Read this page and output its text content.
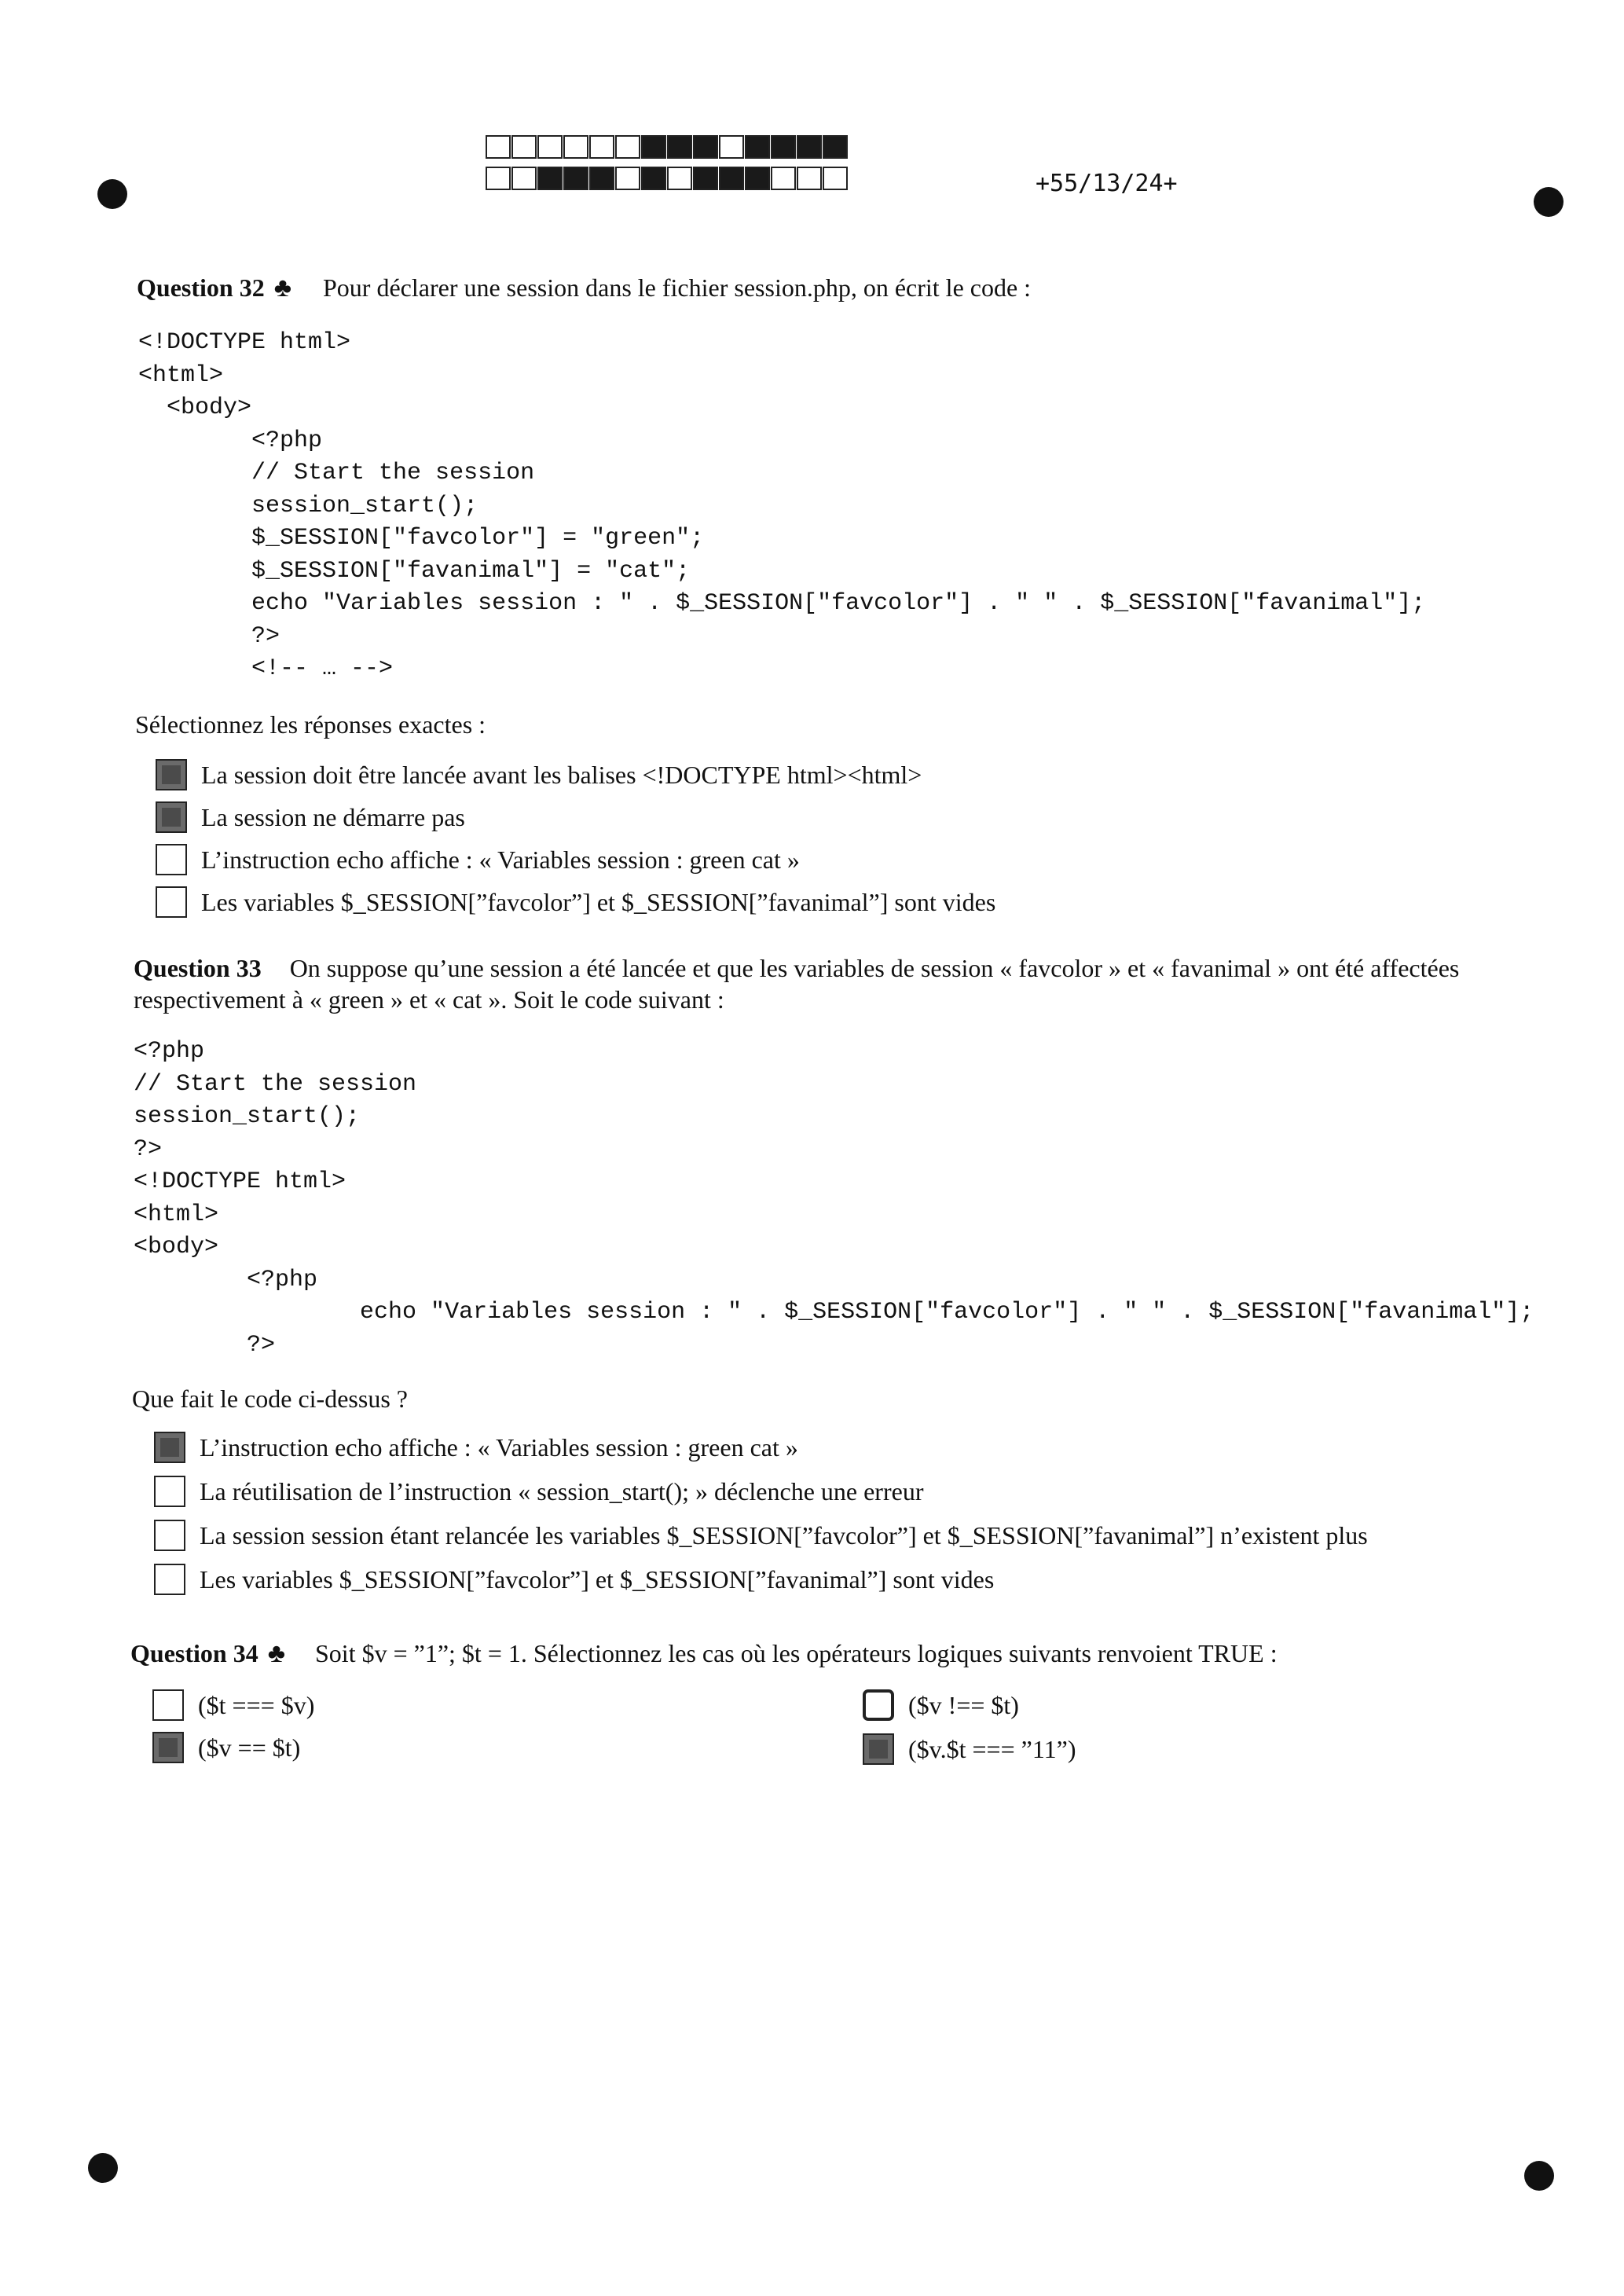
+55/13/24+
Question 32 ♣ Pour déclarer une session dans le fichier session.php, on écrit le code :
<!DOCTYPE html>
<html>
<body>
<?php
// Start the session
session_start();
$_SESSION["favcolor"] = "green";
$_SESSION["favanimal"] = "cat";
echo "Variables session : " . $_SESSION["favcolor"] . " " . $_SESSION["favanimal"];
?>
<!-- … -->
Sélectionnez les réponses exactes :
La session doit être lancée avant les balises <!DOCTYPE html><html>
La session ne démarre pas
L’instruction echo affiche : « Variables session : green cat »
Les variables $_SESSION[”favcolor”] et $_SESSION[”favanimal”] sont vides
Question 33 On suppose qu’une session a été lancée et que les variables de session « favcolor » et « favanimal » ont été affectées respectivement à « green » et « cat ». Soit le code suivant :
<?php
// Start the session
session_start();
?>
<!DOCTYPE html>
<html>
<body>
<?php
echo "Variables session : " . $_SESSION["favcolor"] . " " . $_SESSION["favanimal"];
?>
Que fait le code ci-dessus ?
L’instruction echo affiche : « Variables session : green cat »
La réutilisation de l’instruction « session_start(); » déclenche une erreur
La session session étant relancée les variables $_SESSION[”favcolor”] et $_SESSION[”favanimal”] n’existent plus
Les variables $_SESSION[”favcolor”] et $_SESSION[”favanimal”] sont vides
Question 34 ♣ Soit $v = ”1”; $t = 1. Sélectionnez les cas où les opérateurs logiques suivants renvoient TRUE :
($t === $v)	($v !== $t)
($v == $t)	($v.$t === ”11”)
